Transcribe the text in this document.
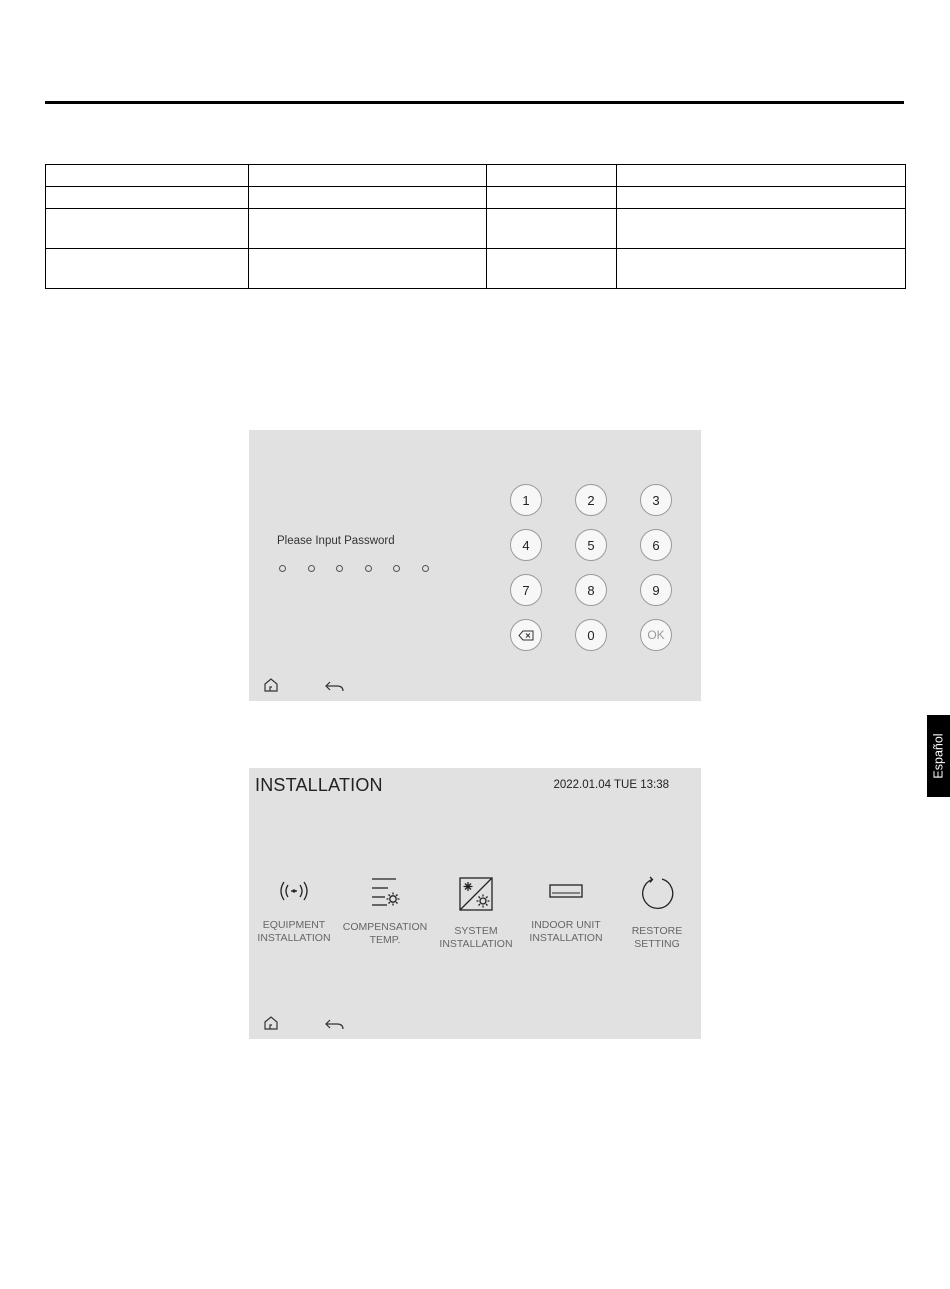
Please Input Password
1	2	3
4	5	6
7	8	9
0	OK
INSTALLATION	2022.01.04 TUE 13:38
EQUIPMENT
INSTALLATION
COMPENSATION
TEMP.
SYSTEM
INSTALLATION
INDOOR UNIT
INSTALLATION
RESTORE
SETTING
Español
